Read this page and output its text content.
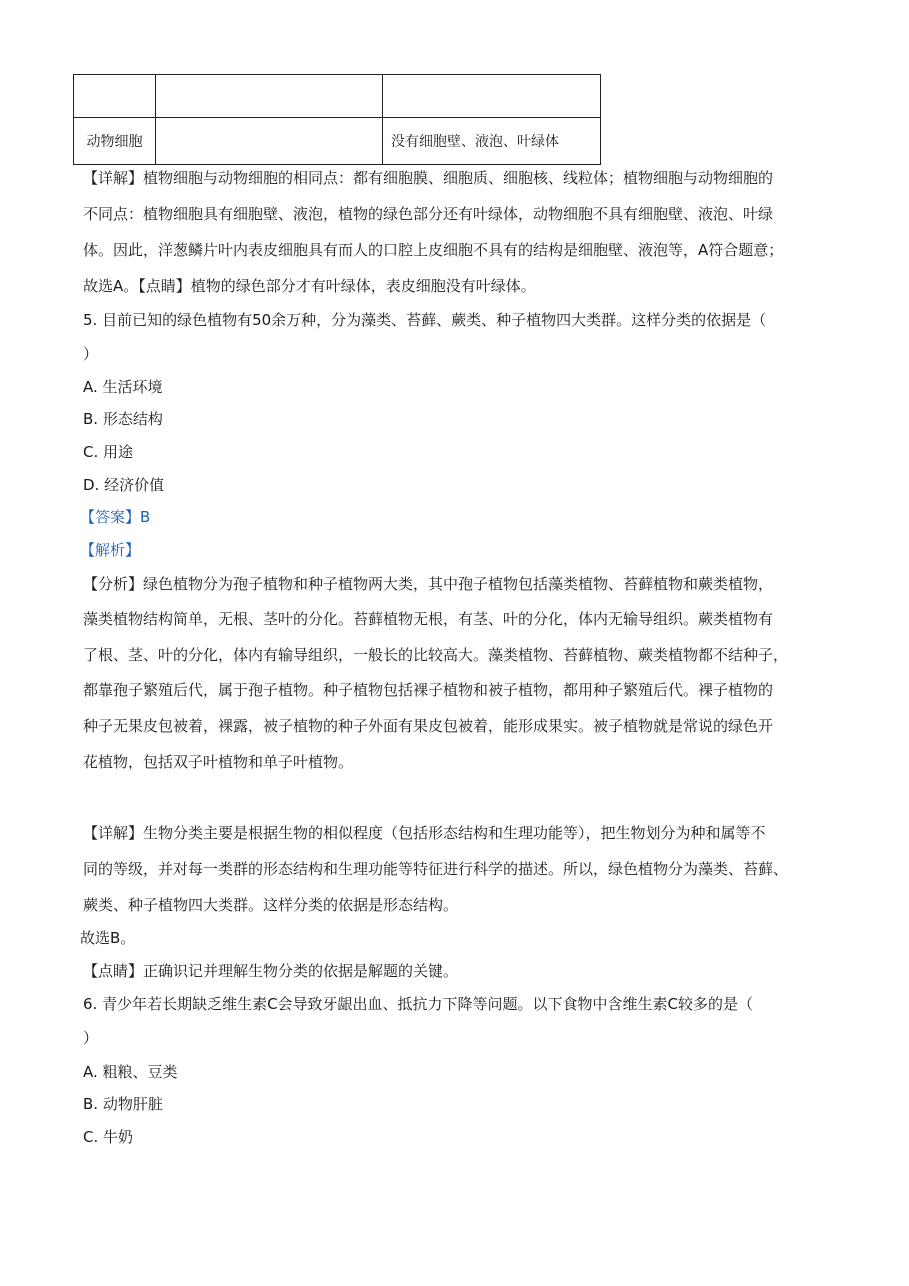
动物细胞		没有细胞壁、液泡、叶绿体
【详解】植物细胞与动物细胞的相同点：都有细胞膜、细胞质、细胞核、线粒体；植物细胞与动物细胞的
不同点：植物细胞具有细胞壁、液泡，植物的绿色部分还有叶绿体，动物细胞不具有细胞壁、液泡、叶绿
体。因此，洋葱鳞片叶内表皮细胞具有而人的口腔上皮细胞不具有的结构是细胞壁、液泡等，A符合题意；
故选A。【点睛】植物的绿色部分才有叶绿体，表皮细胞没有叶绿体。
5. 目前已知的绿色植物有50余万种，分为藻类、苔藓、蕨类、种子植物四大类群。这样分类的依据是（
）
A. 生活环境
B. 形态结构
C. 用途
D. 经济价值
【答案】B
【解析】
【分析】绿色植物分为孢子植物和种子植物两大类，其中孢子植物包括藻类植物、苔藓植物和蕨类植物，
藻类植物结构简单，无根、茎叶的分化。苔藓植物无根，有茎、叶的分化，体内无输导组织。蕨类植物有
了根、茎、叶的分化，体内有输导组织，一般长的比较高大。藻类植物、苔藓植物、蕨类植物都不结种子，
都靠孢子繁殖后代，属于孢子植物。种子植物包括裸子植物和被子植物，都用种子繁殖后代。裸子植物的
种子无果皮包被着，裸露，被子植物的种子外面有果皮包被着，能形成果实。被子植物就是常说的绿色开
花植物，包括双子叶植物和单子叶植物。
【详解】生物分类主要是根据生物的相似程度（包括形态结构和生理功能等），把生物划分为种和属等不
同的等级，并对每一类群的形态结构和生理功能等特征进行科学的描述。所以，绿色植物分为藻类、苔藓、
蕨类、种子植物四大类群。这样分类的依据是形态结构。
故选B。
【点睛】正确识记并理解生物分类的依据是解题的关键。
6. 青少年若长期缺乏维生素C会导致牙龈出血、抵抗力下降等问题。以下食物中含维生素C较多的是（
）
A. 粗粮、豆类
B. 动物肝脏
C. 牛奶
